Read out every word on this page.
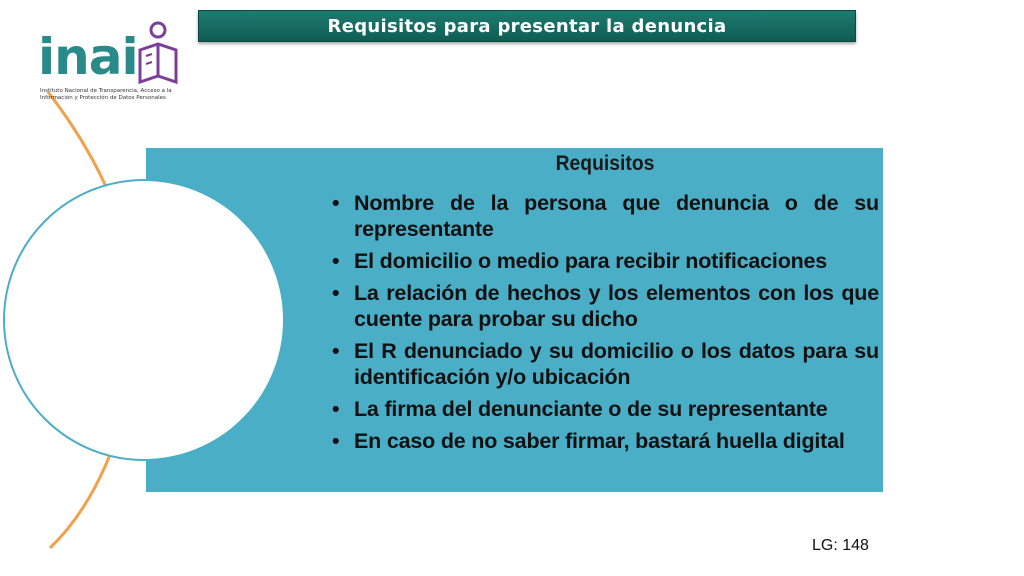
Requisitos para presentar la denuncia
inai
Instituto Nacional de Transparencia, Acceso a la
Información y Protección de Datos Personales
Requisitos
• Nombre de la persona que denuncia o de su representante
• El domicilio o medio para recibir notificaciones
• La relación de hechos y los elementos con los que cuente para probar su dicho
• El R denunciado y su domicilio o los datos para su identificación y/o ubicación
• La firma del denunciante o de su representante
• En caso de no saber firmar, bastará huella digital
LG: 148
